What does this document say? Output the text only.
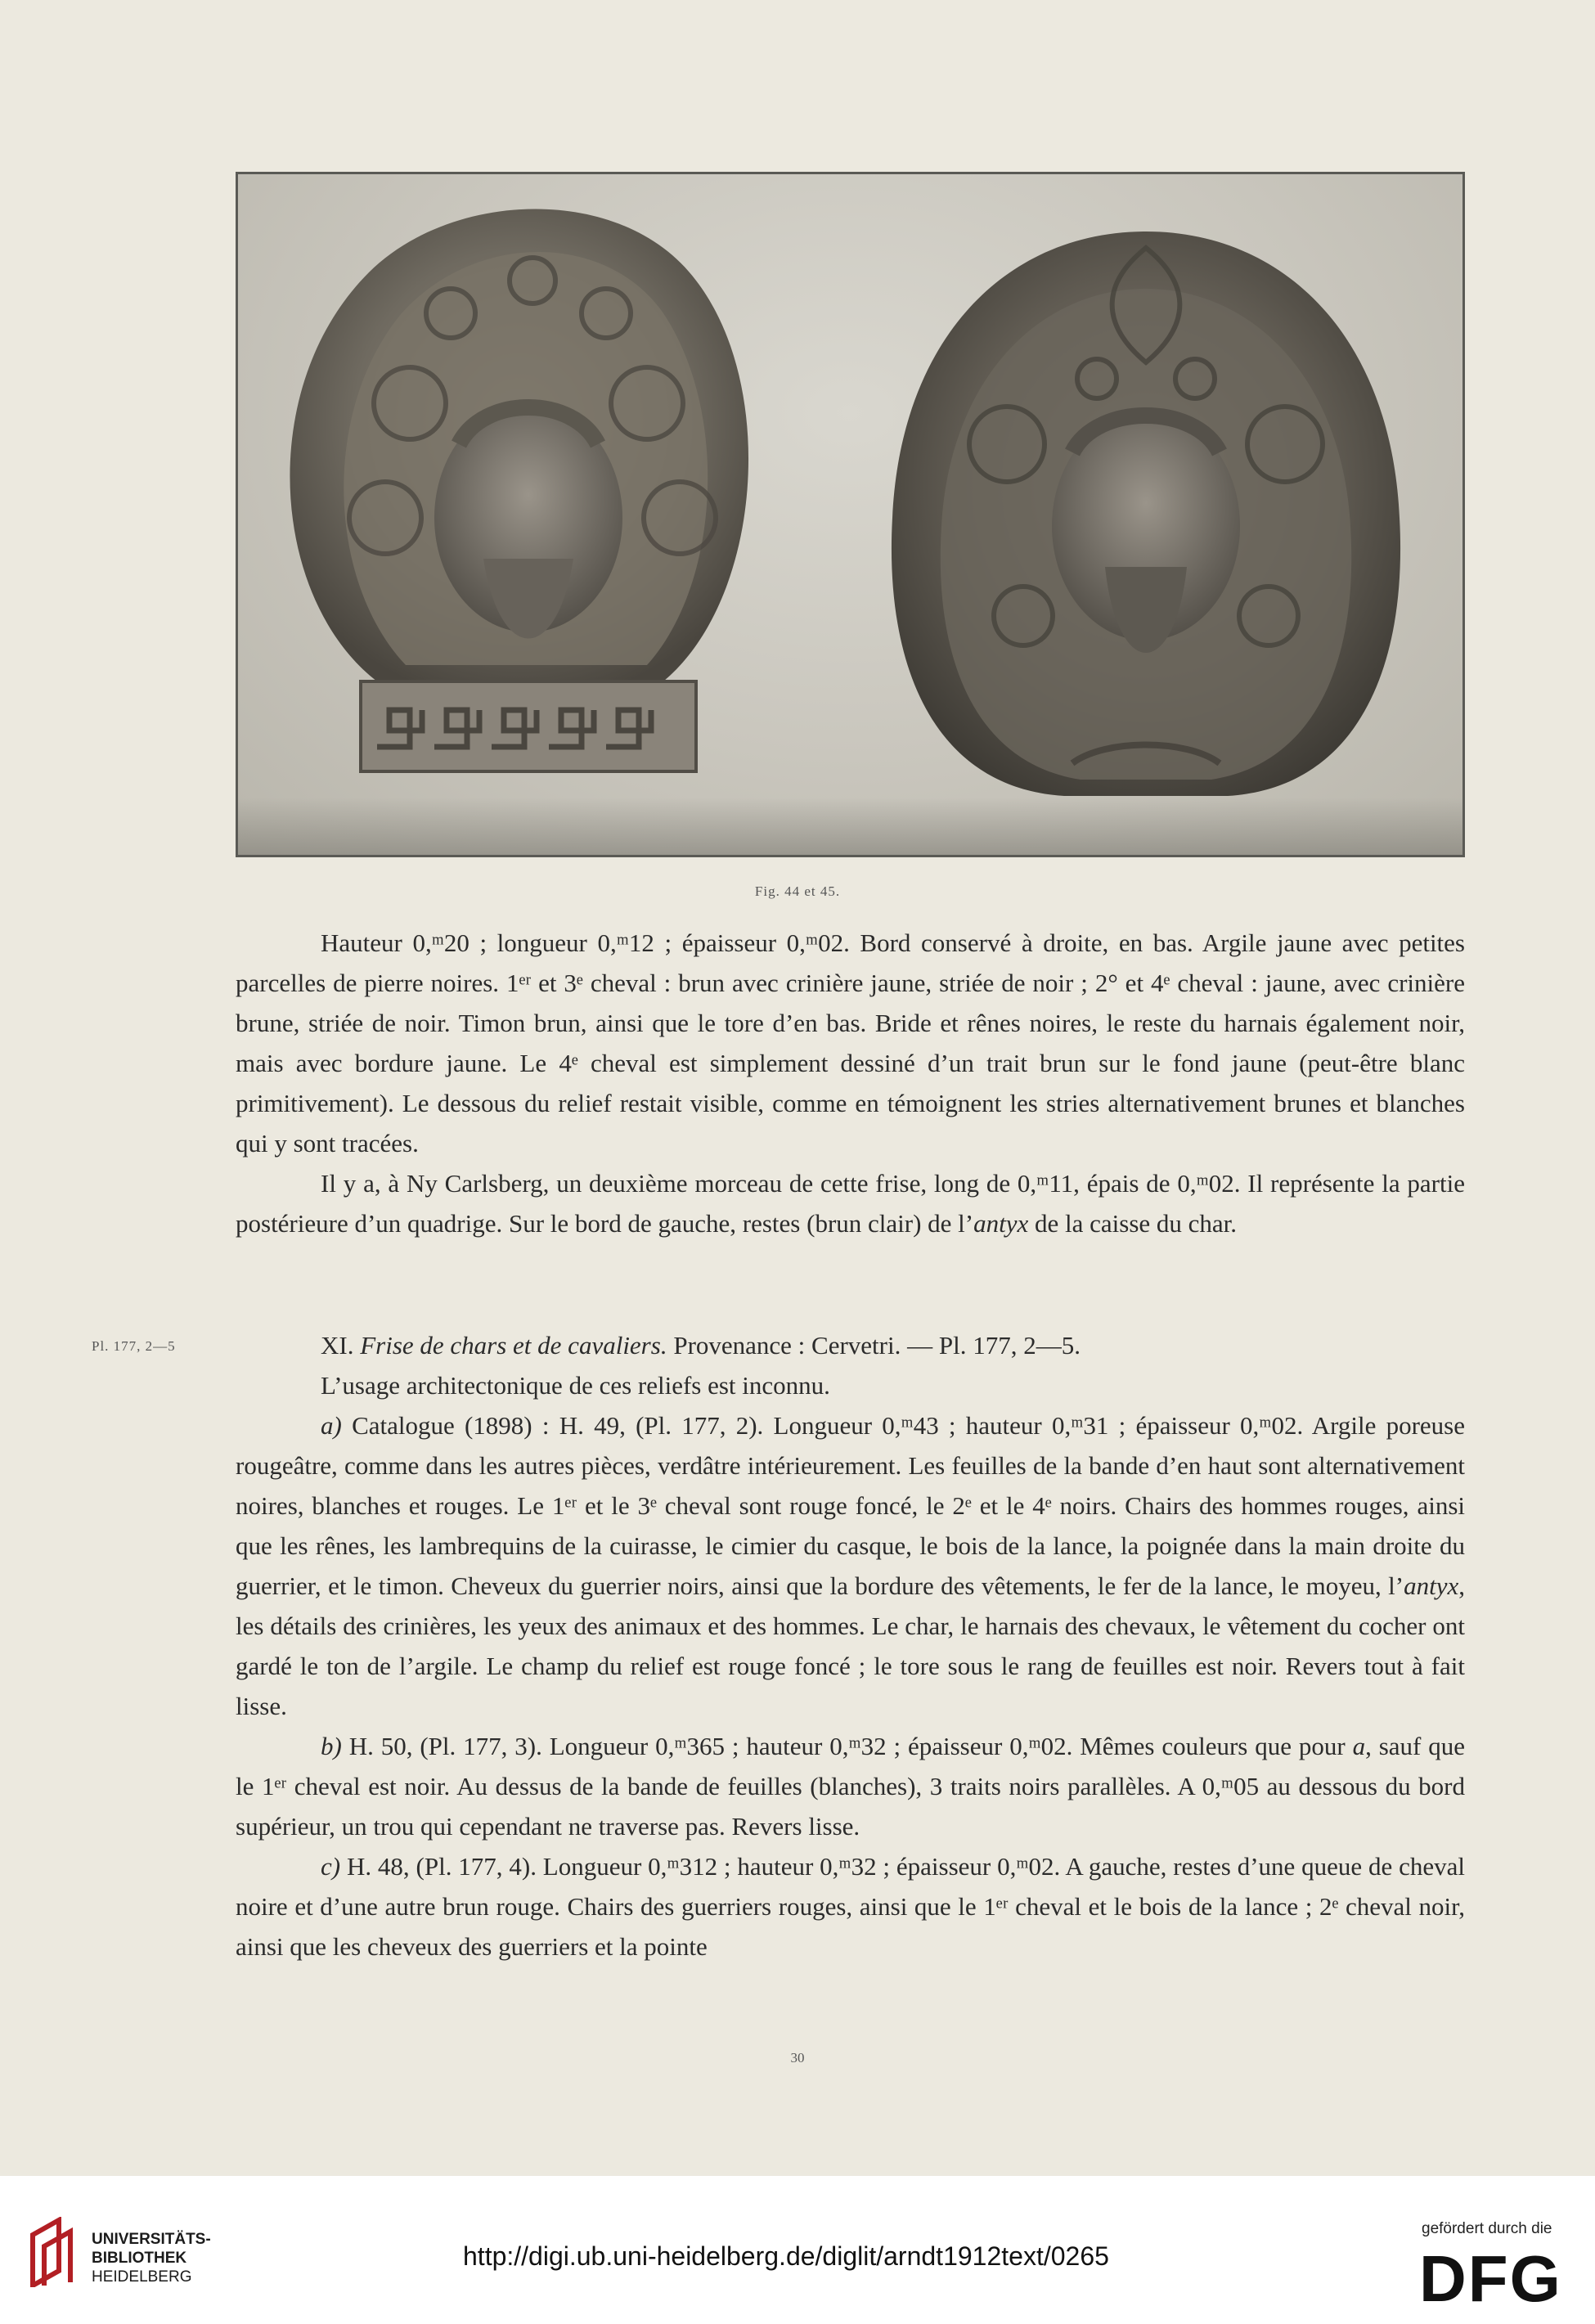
Fig. 44 et 45.

Hauteur 0,ᵐ20 ; longueur 0,ᵐ12 ; épaisseur 0,ᵐ02. Bord conservé à droite, en bas. Argile jaune avec petites parcelles de pierre noires. 1ᵉʳ et 3ᵉ cheval : brun avec crinière jaune, striée de noir ; 2° et 4ᵉ cheval : jaune, avec crinière brune, striée de noir. Timon brun, ainsi que le tore d’en bas. Bride et rênes noires, le reste du harnais également noir, mais avec bordure jaune. Le 4ᵉ cheval est simplement dessiné d’un trait brun sur le fond jaune (peut-être blanc primitivement). Le dessous du relief restait visible, comme en témoignent les stries alternativement brunes et blanches qui y sont tracées.

Il y a, à Ny Carlsberg, un deuxième morceau de cette frise, long de 0,ᵐ11, épais de 0,ᵐ02. Il représente la partie postérieure d’un quadrige. Sur le bord de gauche, restes (brun clair) de l’antyx de la caisse du char.

Pl. 177, 2—5	XI. Frise de chars et de cavaliers. Provenance : Cervetri. — Pl. 177, 2—5.

L’usage architectonique de ces reliefs est inconnu.

a) Catalogue (1898) : H. 49, (Pl. 177, 2). Longueur 0,ᵐ43 ; hauteur 0,ᵐ31 ; épaisseur 0,ᵐ02. Argile poreuse rougeâtre, comme dans les autres pièces, verdâtre intérieurement. Les feuilles de la bande d’en haut sont alternativement noires, blanches et rouges. Le 1ᵉʳ et le 3ᵉ cheval sont rouge foncé, le 2ᵉ et le 4ᵉ noirs. Chairs des hommes rouges, ainsi que les rênes, les lambrequins de la cuirasse, le cimier du casque, le bois de la lance, la poignée dans la main droite du guerrier, et le timon. Cheveux du guerrier noirs, ainsi que la bordure des vêtements, le fer de la lance, le moyeu, l’antyx, les détails des crinières, les yeux des animaux et des hommes. Le char, le harnais des chevaux, le vêtement du cocher ont gardé le ton de l’argile. Le champ du relief est rouge foncé ; le tore sous le rang de feuilles est noir. Revers tout à fait lisse.

b) H. 50, (Pl. 177, 3). Longueur 0,ᵐ365 ; hauteur 0,ᵐ32 ; épaisseur 0,ᵐ02. Mêmes couleurs que pour a, sauf que le 1ᵉʳ cheval est noir. Au dessus de la bande de feuilles (blanches), 3 traits noirs parallèles. A 0,ᵐ05 au dessous du bord supérieur, un trou qui cependant ne traverse pas. Revers lisse.

c) H. 48, (Pl. 177, 4). Longueur 0,ᵐ312 ; hauteur 0,ᵐ32 ; épaisseur 0,ᵐ02. A gauche, restes d’une queue de cheval noire et d’une autre brun rouge. Chairs des guerriers rouges, ainsi que le 1ᵉʳ cheval et le bois de la lance ; 2ᵉ cheval noir, ainsi que les cheveux des guerriers et la pointe

30
UNIVERSITÄTS-
BIBLIOTHEK
HEIDELBERG
http://digi.ub.uni-heidelberg.de/diglit/arndt1912text/0265
gefördert durch die
DFG
